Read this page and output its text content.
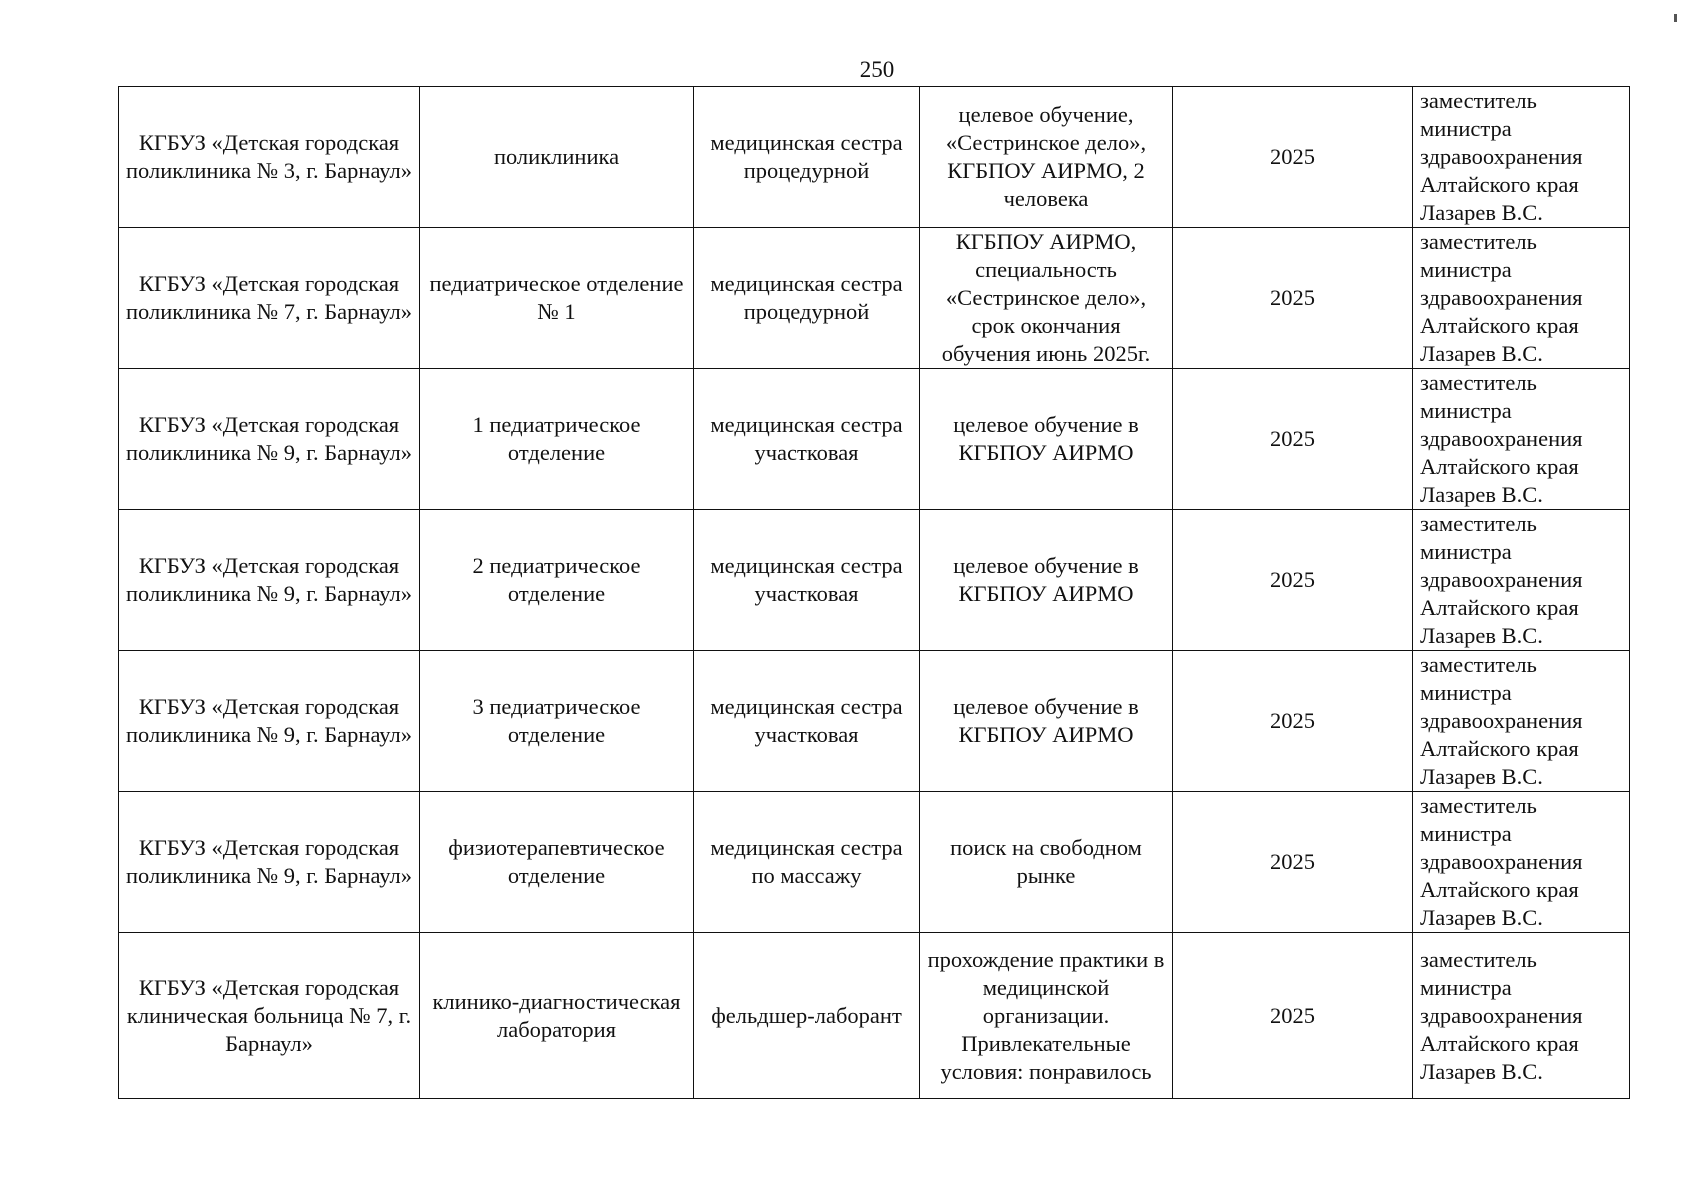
250
КГБУЗ «Детская городская поликлиника № 3, г. Барнаул»	поликлиника	медицинская сестра процедурной	целевое обучение, «Сестринское дело», КГБПОУ АИРМО, 2 человека	2025	заместитель министра здравоохранения Алтайского края Лазарев В.С.
КГБУЗ «Детская городская поликлиника № 7, г. Барнаул»	педиатрическое отделение № 1	медицинская сестра процедурной	КГБПОУ АИРМО, специальность «Сестринское дело», срок окончания обучения июнь 2025г.	2025	заместитель министра здравоохранения Алтайского края Лазарев В.С.
КГБУЗ «Детская городская поликлиника № 9, г. Барнаул»	1 педиатрическое отделение	медицинская сестра участковая	целевое обучение в КГБПОУ АИРМО	2025	заместитель министра здравоохранения Алтайского края Лазарев В.С.
КГБУЗ «Детская городская поликлиника № 9, г. Барнаул»	2 педиатрическое отделение	медицинская сестра участковая	целевое обучение в КГБПОУ АИРМО	2025	заместитель министра здравоохранения Алтайского края Лазарев В.С.
КГБУЗ «Детская городская поликлиника № 9, г. Барнаул»	3 педиатрическое отделение	медицинская сестра участковая	целевое обучение в КГБПОУ АИРМО	2025	заместитель министра здравоохранения Алтайского края Лазарев В.С.
КГБУЗ «Детская городская поликлиника № 9, г. Барнаул»	физиотерапевтическое отделение	медицинская сестра по массажу	поиск на свободном рынке	2025	заместитель министра здравоохранения Алтайского края Лазарев В.С.
КГБУЗ «Детская городская клиническая больница № 7, г. Барнаул»	клинико-диагностическая лаборатория	фельдшер-лаборант	прохождение практики в медицинской организации. Привлекательные условия: понравилось	2025	заместитель министра здравоохранения Алтайского края Лазарев В.С.
